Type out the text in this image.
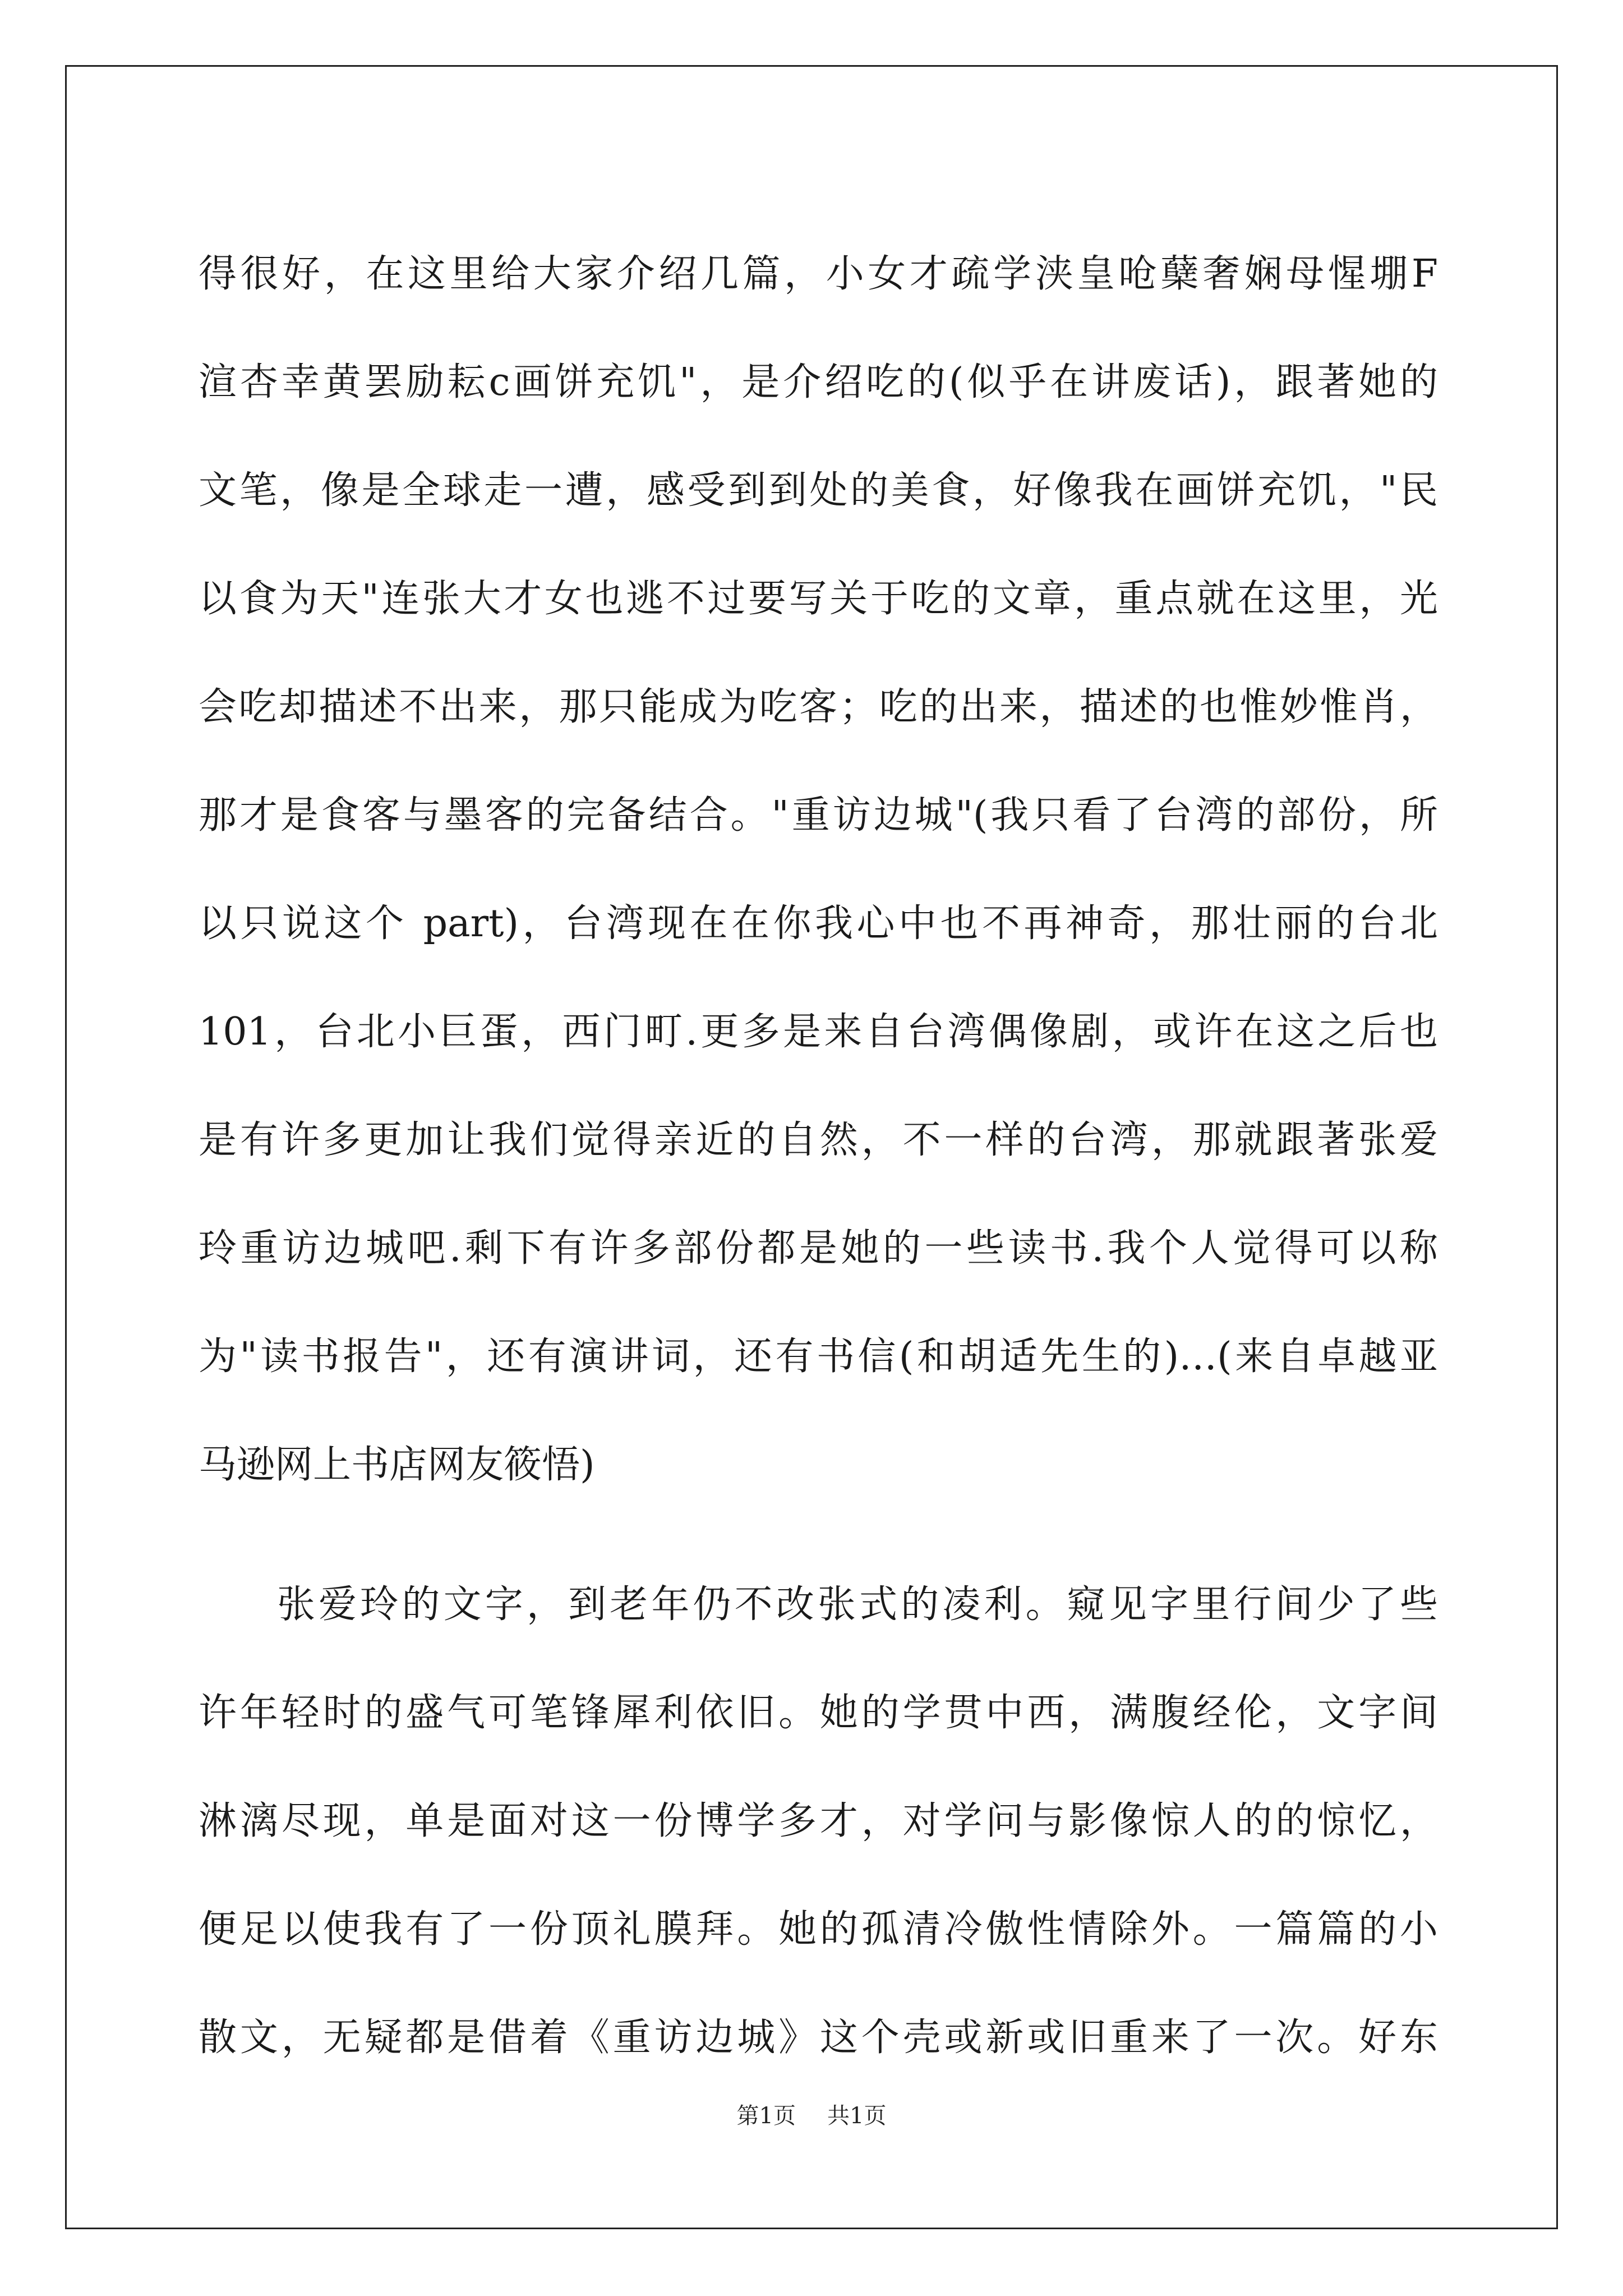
得很好，在这里给大家介绍几篇，小女才疏学浃皇呛蘖奢娴母惺堋F
渲杏幸黄罢励耘c画饼充饥"，是介绍吃的(似乎在讲废话)，跟著她的
文笔，像是全球走一遭，感受到到处的美食，好像我在画饼充饥，"民
以食为天"连张大才女也逃不过要写关于吃的文章，重点就在这里，光
会吃却描述不出来，那只能成为吃客；吃的出来，描述的也惟妙惟肖，
那才是食客与墨客的完备结合。"重访边城"(我只看了台湾的部份，所
以只说这个 part)，台湾现在在你我心中也不再神奇，那壮丽的台北
101，台北小巨蛋，西门町.更多是来自台湾偶像剧，或许在这之后也
是有许多更加让我们觉得亲近的自然，不一样的台湾，那就跟著张爱
玲重访边城吧.剩下有许多部份都是她的一些读书.我个人觉得可以称
为"读书报告"，还有演讲词，还有书信(和胡适先生的)…(来自卓越亚
马逊网上书店网友筱悟)
张爱玲的文字，到老年仍不改张式的凌利。窥见字里行间少了些
许年轻时的盛气可笔锋犀利依旧。她的学贯中西，满腹经伦，文字间
淋漓尽现，单是面对这一份博学多才，对学问与影像惊人的的惊忆，
便足以使我有了一份顶礼膜拜。她的孤清冷傲性情除外。一篇篇的小
散文，无疑都是借着《重访边城》这个壳或新或旧重来了一次。好东
第1页 共1页
